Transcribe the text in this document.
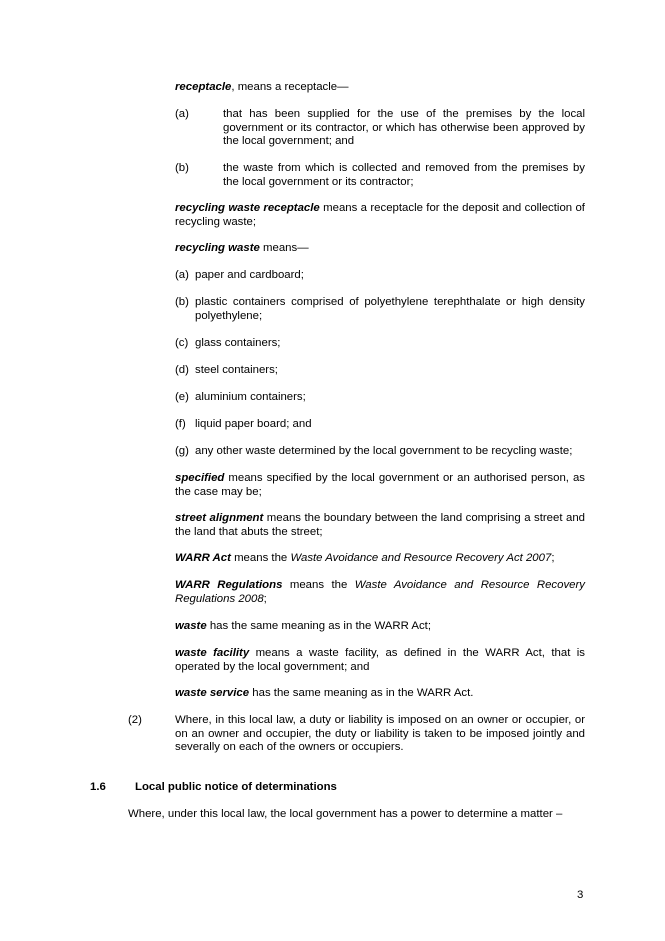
receptacle, means a receptacle—

(a)	that has been supplied for the use of the premises by the local government or its contractor, or which has otherwise been approved by the local government; and

(b)	the waste from which is collected and removed from the premises by the local government or its contractor;

recycling waste receptacle means a receptacle for the deposit and collection of recycling waste;

recycling waste means—

(a) paper and cardboard;

(b) plastic containers comprised of polyethylene terephthalate or high density polyethylene;

(c) glass containers;

(d) steel containers;

(e) aluminium containers;

(f) liquid paper board; and

(g) any other waste determined by the local government to be recycling waste;

specified means specified by the local government or an authorised person, as the case may be;

street alignment means the boundary between the land comprising a street and the land that abuts the street;

WARR Act means the Waste Avoidance and Resource Recovery Act 2007;

WARR Regulations means the Waste Avoidance and Resource Recovery Regulations 2008;

waste has the same meaning as in the WARR Act;

waste facility means a waste facility, as defined in the WARR Act, that is operated by the local government; and

waste service has the same meaning as in the WARR Act.

(2)	Where, in this local law, a duty or liability is imposed on an owner or occupier, or on an owner and occupier, the duty or liability is taken to be imposed jointly and severally on each of the owners or occupiers.

1.6	Local public notice of determinations

Where, under this local law, the local government has a power to determine a matter –

3
